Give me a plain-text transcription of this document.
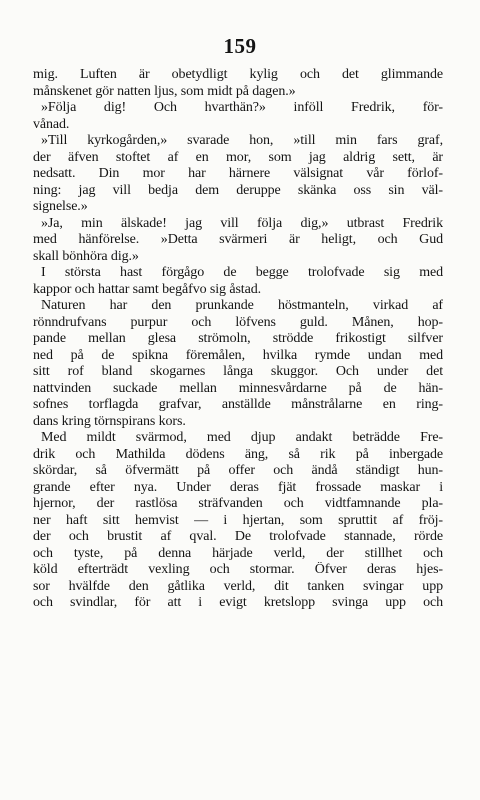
159
mig. Luften är obetydligt kylig och det glimmande
månskenet gör natten ljus, som midt på dagen.»
»Följa dig! Och hvarthän?» inföll Fredrik, för-
vånad.
»Till kyrkogården,» svarade hon, »till min fars graf,
der äfven stoftet af en mor, som jag aldrig sett, är
nedsatt. Din mor har härnere välsignat vår förlof-
ning: jag vill bedja dem deruppe skänka oss sin väl-
signelse.»
»Ja, min älskade! jag vill följa dig,» utbrast Fredrik
med hänförelse. »Detta svärmeri är heligt, och Gud
skall bönhöra dig.»
I största hast förgågo de begge trolofvade sig med
kappor och hattar samt begåfvo sig åstad.
Naturen har den prunkande höstmanteln, virkad af
rönndrufvans purpur och löfvens guld. Månen, hop-
pande mellan glesa strömoln, strödde frikostigt silfver
ned på de spikna föremålen, hvilka rymde undan med
sitt rof bland skogarnes långa skuggor. Och under det
nattvinden suckade mellan minnesvårdarne på de hän-
sofnes torflagda grafvar, anställde månstrålarne en ring-
dans kring törnspirans kors.
Med mildt svärmod, med djup andakt beträdde Fre-
drik och Mathilda dödens äng, så rik på inbergade
skördar, så öfvermätt på offer och ändå ständigt hun-
grande efter nya. Under deras fjät frossade maskar i
hjernor, der rastlösa sträfvanden och vidtfamnande pla-
ner haft sitt hemvist — i hjertan, som spruttit af fröj-
der och brustit af qval. De trolofvade stannade, rörde
och tyste, på denna härjade verld, der stillhet och
köld efterträdt vexling och stormar. Öfver deras hjes-
sor hvälfde den gåtlika verld, dit tanken svingar upp
och svindlar, för att i evigt kretslopp svinga upp och
